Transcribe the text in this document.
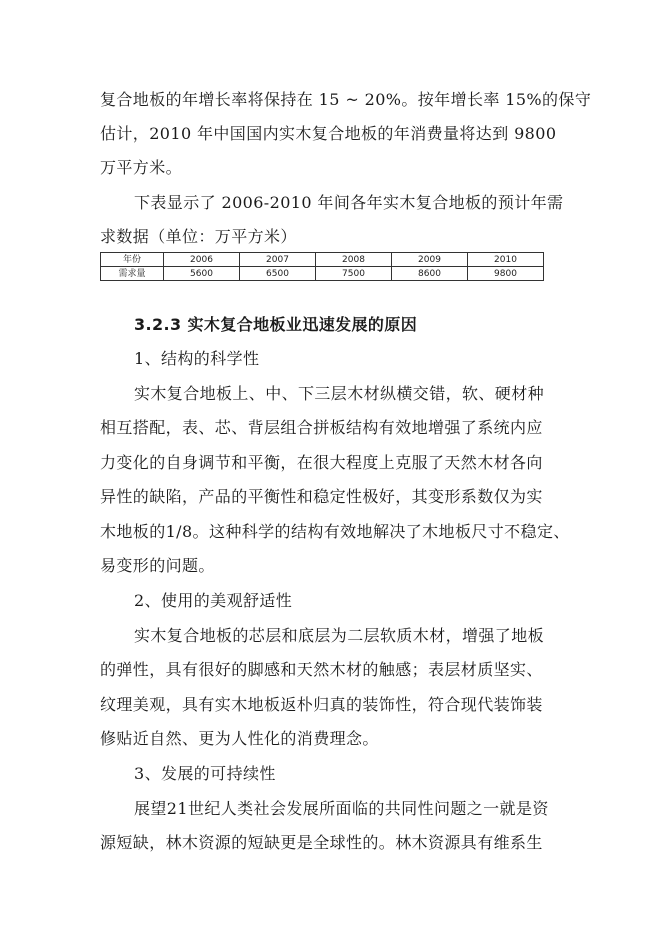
复合地板的年增长率将保持在 15 ~ 20%。按年增长率 15%的保守
估计，2010 年中国国内实木复合地板的年消费量将达到 9800
万平方米。
下表显示了 2006-2010 年间各年实木复合地板的预计年需
求数据（单位：万平方米）
年份	2006	2007	2008	2009	2010
需求量	5600	6500	7500	8600	9800
3.2.3 实木复合地板业迅速发展的原因
1、结构的科学性
实木复合地板上、中、下三层木材纵横交错，软、硬材种
相互搭配，表、芯、背层组合拼板结构有效地增强了系统内应
力变化的自身调节和平衡，在很大程度上克服了天然木材各向
异性的缺陷，产品的平衡性和稳定性极好，其变形系数仅为实
木地板的1/8。这种科学的结构有效地解决了木地板尺寸不稳定、
易变形的问题。
2、使用的美观舒适性
实木复合地板的芯层和底层为二层软质木材，增强了地板
的弹性，具有很好的脚感和天然木材的触感；表层材质坚实、
纹理美观，具有实木地板返朴归真的装饰性，符合现代装饰装
修贴近自然、更为人性化的消费理念。
3、发展的可持续性
展望21世纪人类社会发展所面临的共同性问题之一就是资
源短缺，林木资源的短缺更是全球性的。林木资源具有维系生
